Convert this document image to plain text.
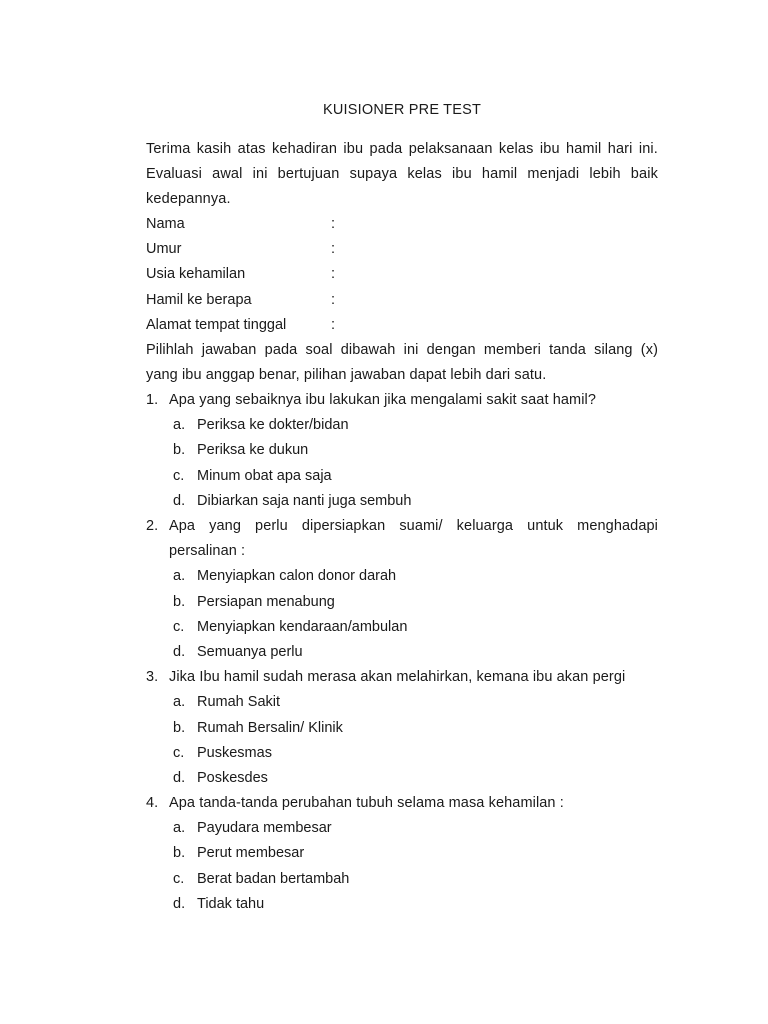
KUISIONER PRE TEST
Terima kasih atas kehadiran ibu pada pelaksanaan kelas ibu hamil hari ini.
Evaluasi awal ini bertujuan supaya kelas ibu hamil menjadi lebih baik
kedepannya.
Nama	:
Umur	:
Usia kehamilan	:
Hamil ke berapa	:
Alamat tempat tinggal	:
Pilihlah jawaban pada soal dibawah ini dengan memberi tanda silang (x)
yang ibu anggap benar, pilihan jawaban dapat lebih dari satu.
1. Apa yang sebaiknya ibu lakukan jika mengalami sakit saat hamil?
a. Periksa ke dokter/bidan
b. Periksa ke dukun
c. Minum obat apa saja
d. Dibiarkan saja nanti juga sembuh
2. Apa yang perlu dipersiapkan suami/ keluarga untuk menghadapi
persalinan :
a. Menyiapkan calon donor darah
b. Persiapan menabung
c. Menyiapkan kendaraan/ambulan
d. Semuanya perlu
3. Jika Ibu hamil sudah merasa akan melahirkan, kemana ibu akan pergi
a. Rumah Sakit
b. Rumah Bersalin/ Klinik
c. Puskesmas
d. Poskesdes
4. Apa tanda-tanda perubahan tubuh selama masa kehamilan :
a. Payudara membesar
b. Perut membesar
c. Berat badan bertambah
d. Tidak tahu
